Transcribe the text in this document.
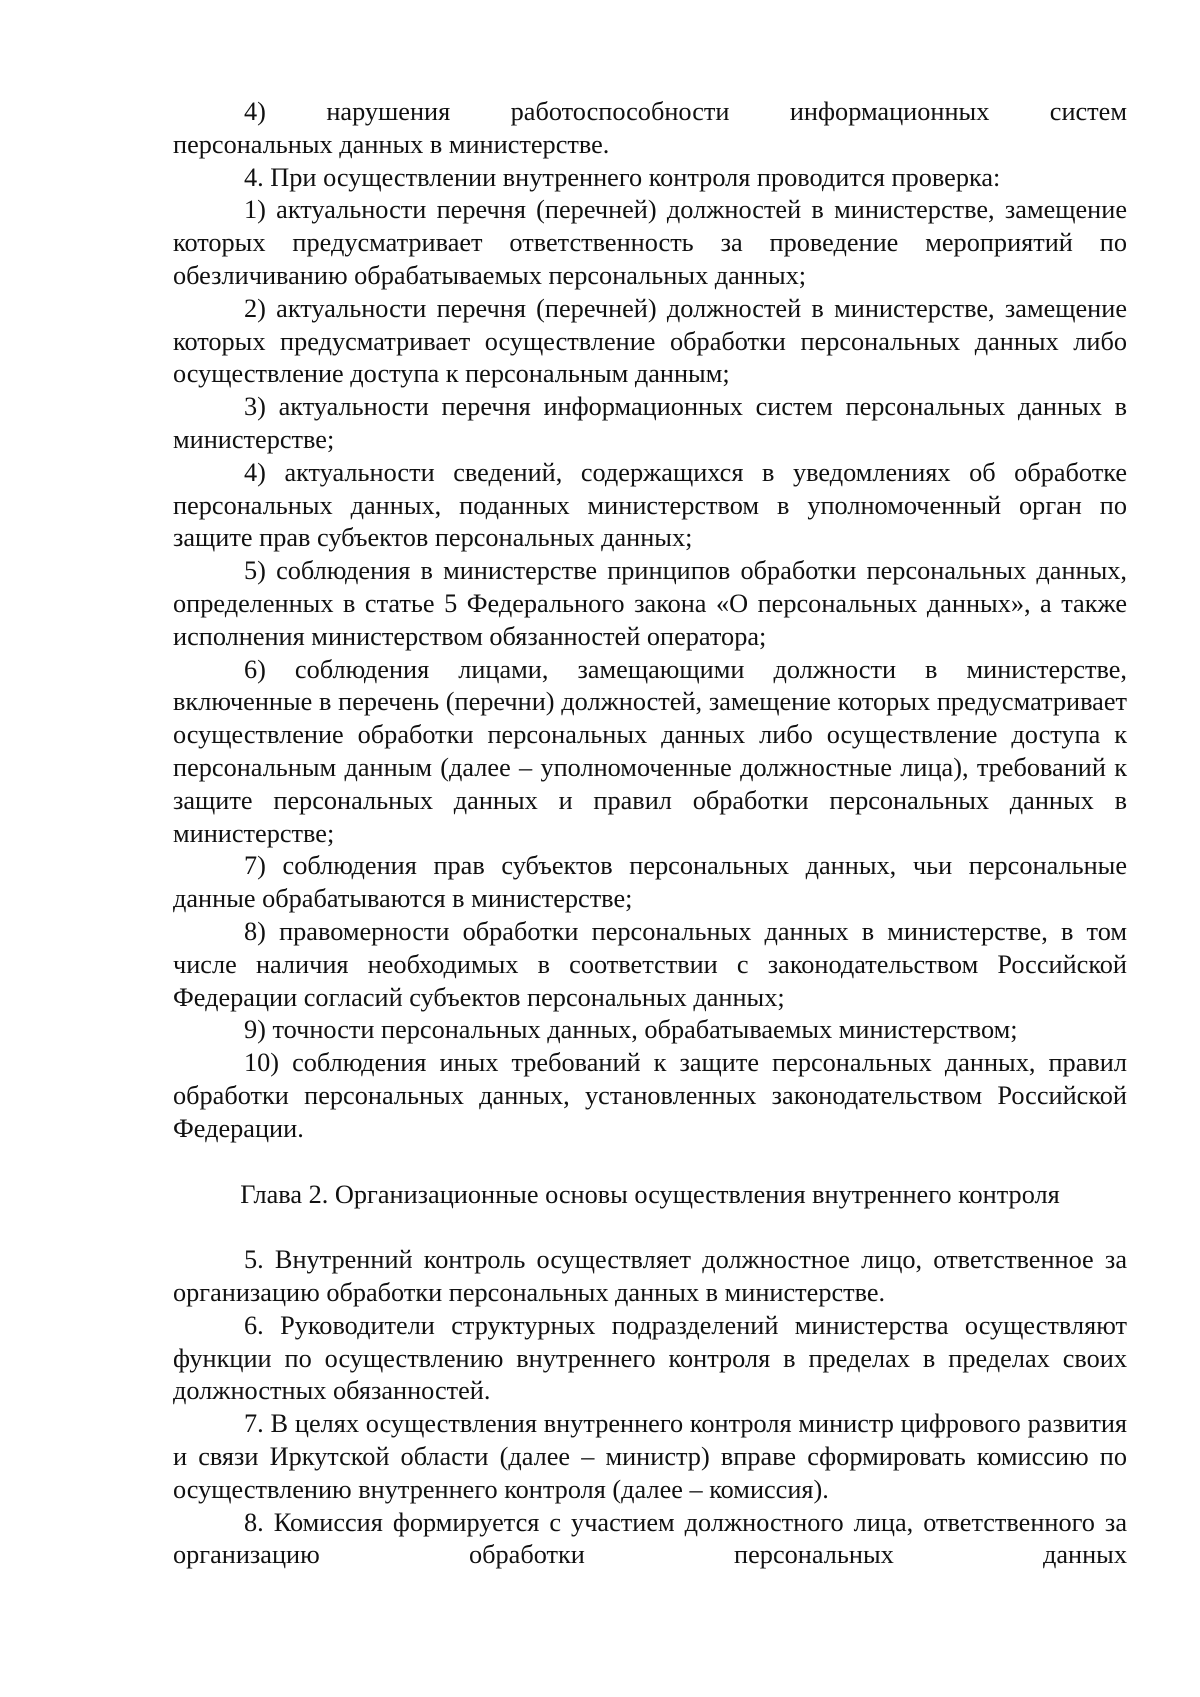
4)    нарушения    работоспособности    информационных    систем персональных данных в министерстве.

4. При осуществлении внутреннего контроля проводится проверка:

1) актуальности перечня (перечней) должностей в министерстве, замещение которых предусматривает ответственность за проведение мероприятий по обезличиванию обрабатываемых персональных данных;

2) актуальности перечня (перечней) должностей в министерстве, замещение которых предусматривает осуществление обработки персональных данных либо осуществление доступа к персональным данным;

3) актуальности перечня информационных систем персональных данных в министерстве;

4) актуальности сведений, содержащихся в уведомлениях об обработке персональных данных, поданных министерством в уполномоченный орган по защите прав субъектов персональных данных;

5) соблюдения в министерстве принципов обработки персональных данных, определенных в статье 5 Федерального закона «О персональных данных», а также исполнения министерством обязанностей оператора;

6) соблюдения лицами, замещающими должности в министерстве, включенные в перечень (перечни) должностей, замещение которых предусматривает осуществление обработки персональных данных либо осуществление доступа к персональным данным (далее – уполномоченные должностные лица), требований к защите персональных данных и правил обработки персональных данных в министерстве;

7) соблюдения прав субъектов персональных данных, чьи персональные данные обрабатываются в министерстве;

8) правомерности обработки персональных данных в министерстве, в том числе наличия необходимых в соответствии с законодательством Российской Федерации согласий субъектов персональных данных;

9) точности персональных данных, обрабатываемых министерством;

10) соблюдения иных требований к защите персональных данных, правил обработки персональных данных, установленных законодательством Российской Федерации.

Глава 2. Организационные основы осуществления внутреннего контроля

5. Внутренний контроль осуществляет должностное лицо, ответственное за организацию обработки персональных данных в министерстве.

6. Руководители структурных подразделений министерства осуществляют функции по осуществлению внутреннего контроля в пределах в пределах своих должностных обязанностей.

7. В целях осуществления внутреннего контроля министр цифрового развития и связи Иркутской области (далее – министр) вправе сформировать комиссию по осуществлению внутреннего контроля (далее – комиссия).

8. Комиссия формируется с участием должностного лица, ответственного за организацию обработки персональных данных
